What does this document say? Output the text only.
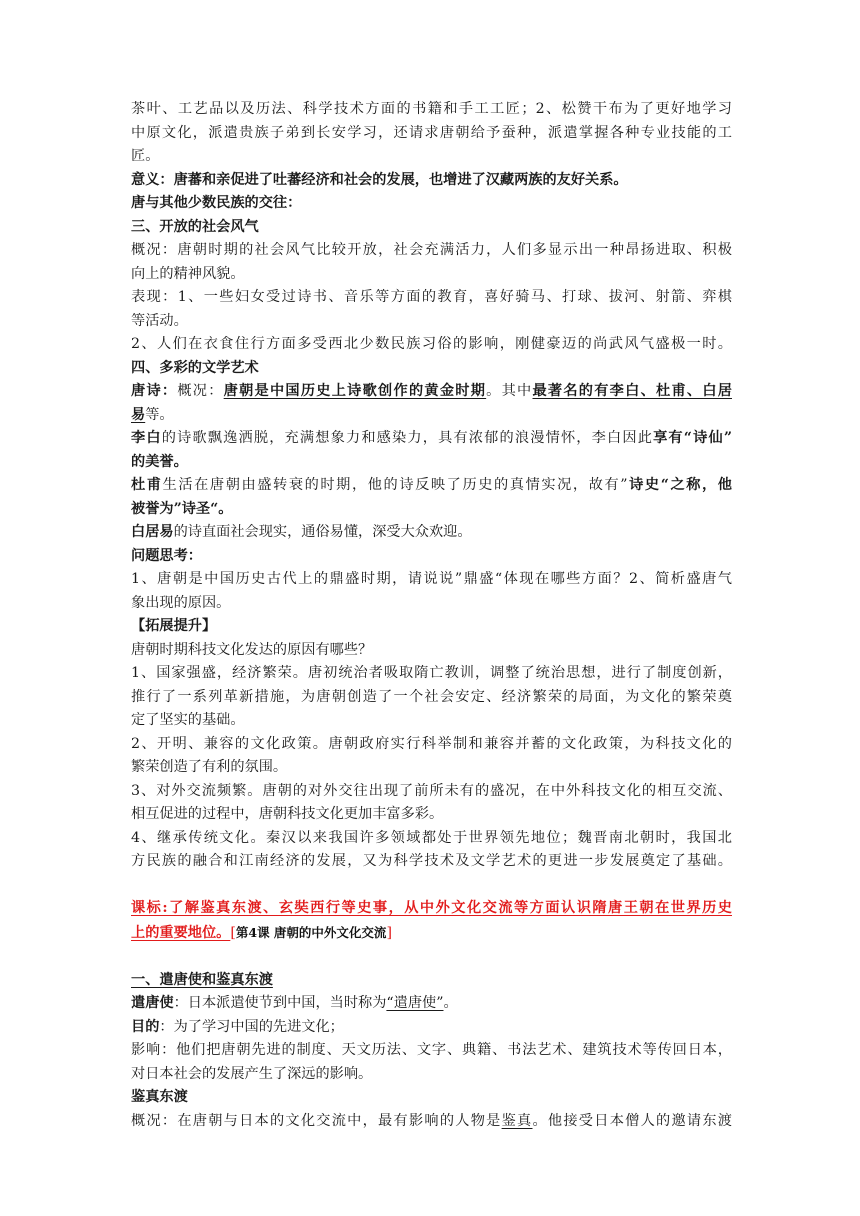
茶叶、工艺品以及历法、科学技术方面的书籍和手工工匠；2、松赞干布为了更好地学习
中原文化，派遣贵族子弟到长安学习，还请求唐朝给予蚕种，派遣掌握各种专业技能的工
匠。
意义：唐蕃和亲促进了吐蕃经济和社会的发展，也增进了汉藏两族的友好关系。
唐与其他少数民族的交往：
三、开放的社会风气
概况：唐朝时期的社会风气比较开放，社会充满活力，人们多显示出一种昂扬进取、积极
向上的精神风貌。
表现：1、一些妇女受过诗书、音乐等方面的教育，喜好骑马、打球、拔河、射箭、弈棋
等活动。
2、人们在衣食住行方面多受西北少数民族习俗的影响，刚健豪迈的尚武风气盛极一时。
四、多彩的文学艺术
唐诗：概况：唐朝是中国历史上诗歌创作的黄金时期。其中最著名的有李白、杜甫、白居
易等。
李白的诗歌飘逸洒脱，充满想象力和感染力，具有浓郁的浪漫情怀，李白因此享有“诗仙”
的美誉。
杜甫生活在唐朝由盛转衰的时期，他的诗反映了历史的真情实况，故有”诗史“之称，他
被誉为”诗圣“。
白居易的诗直面社会现实，通俗易懂，深受大众欢迎。
问题思考：
1、唐朝是中国历史古代上的鼎盛时期，请说说”鼎盛“体现在哪些方面？2、简析盛唐气
象出现的原因。
【拓展提升】
唐朝时期科技文化发达的原因有哪些？
1、国家强盛，经济繁荣。唐初统治者吸取隋亡教训，调整了统治思想，进行了制度创新，
推行了一系列革新措施，为唐朝创造了一个社会安定、经济繁荣的局面，为文化的繁荣奠
定了坚实的基础。
2、开明、兼容的文化政策。唐朝政府实行科举制和兼容并蓄的文化政策，为科技文化的
繁荣创造了有利的氛围。
3、对外交流频繁。唐朝的对外交往出现了前所未有的盛况，在中外科技文化的相互交流、
相互促进的过程中，唐朝科技文化更加丰富多彩。
4、继承传统文化。秦汉以来我国许多领域都处于世界领先地位；魏晋南北朝时，我国北
方民族的融合和江南经济的发展，又为科学技术及文学艺术的更进一步发展奠定了基础。
课标:了解鉴真东渡、玄奘西行等史事，从中外文化交流等方面认识隋唐王朝在世界历史
上的重要地位。[第4课 唐朝的中外文化交流]
一、遣唐使和鉴真东渡
遣唐使：日本派遣使节到中国，当时称为“遣唐使”。
目的：为了学习中国的先进文化；
影响：他们把唐朝先进的制度、天文历法、文字、典籍、书法艺术、建筑技术等传回日本，
对日本社会的发展产生了深远的影响。
鉴真东渡
概况：在唐朝与日本的文化交流中，最有影响的人物是鉴真。他接受日本僧人的邀请东渡
